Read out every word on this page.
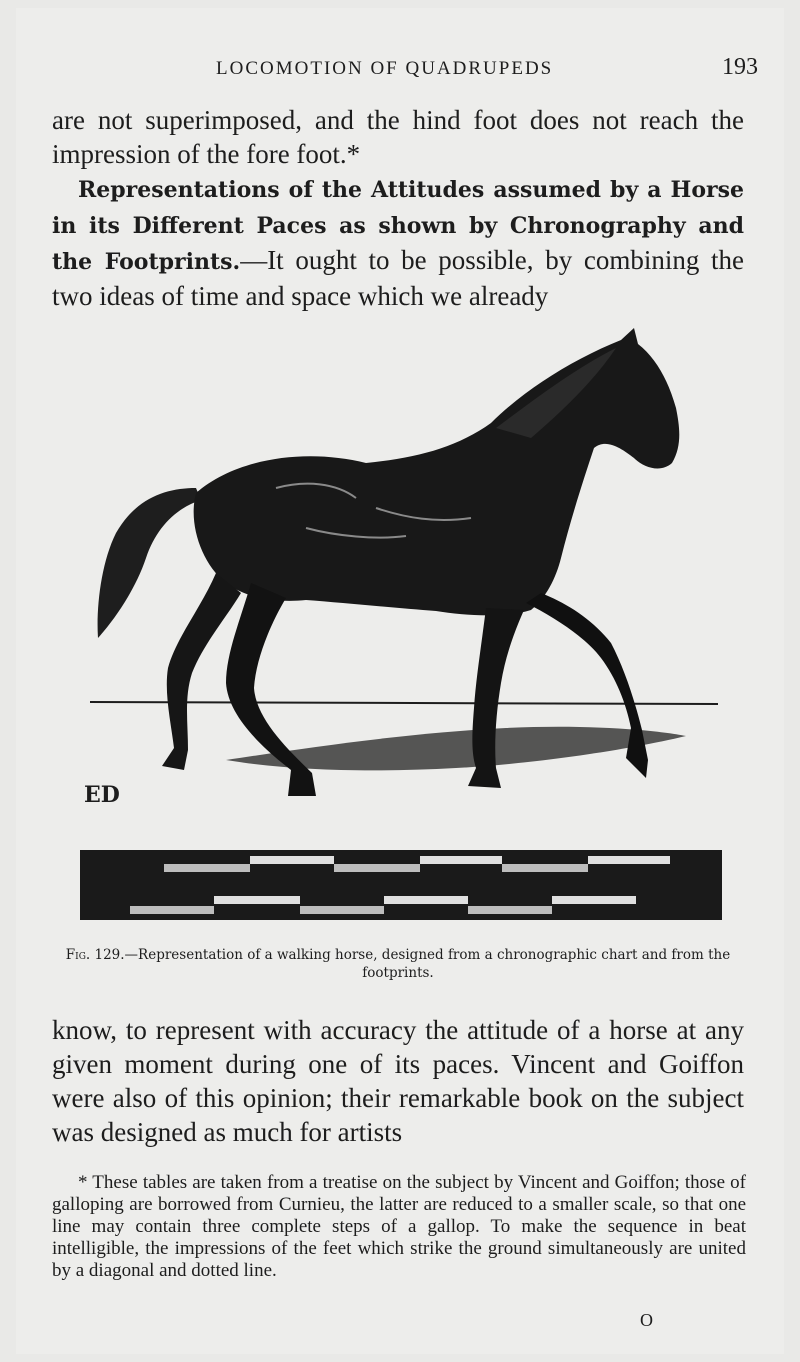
LOCOMOTION OF QUADRUPEDS	193

are not superimposed, and the hind foot does not reach the impression of the fore foot.*

Representations of the Attitudes assumed by a Horse in its Different Paces as shown by Chronography and the Footprints.—It ought to be possible, by combining the two ideas of time and space which we already

ED

Fig. 129.—Representation of a walking horse, designed from a chronographic chart and from the footprints.

know, to represent with accuracy the attitude of a horse at any given moment during one of its paces. Vincent and Goiffon were also of this opinion; their remarkable book on the subject was designed as much for artists

* These tables are taken from a treatise on the subject by Vincent and Goiffon; those of galloping are borrowed from Curnieu, the latter are reduced to a smaller scale, so that one line may contain three complete steps of a gallop. To make the sequence in beat intelligible, the impressions of the feet which strike the ground simultaneously are united by a diagonal and dotted line.

O
